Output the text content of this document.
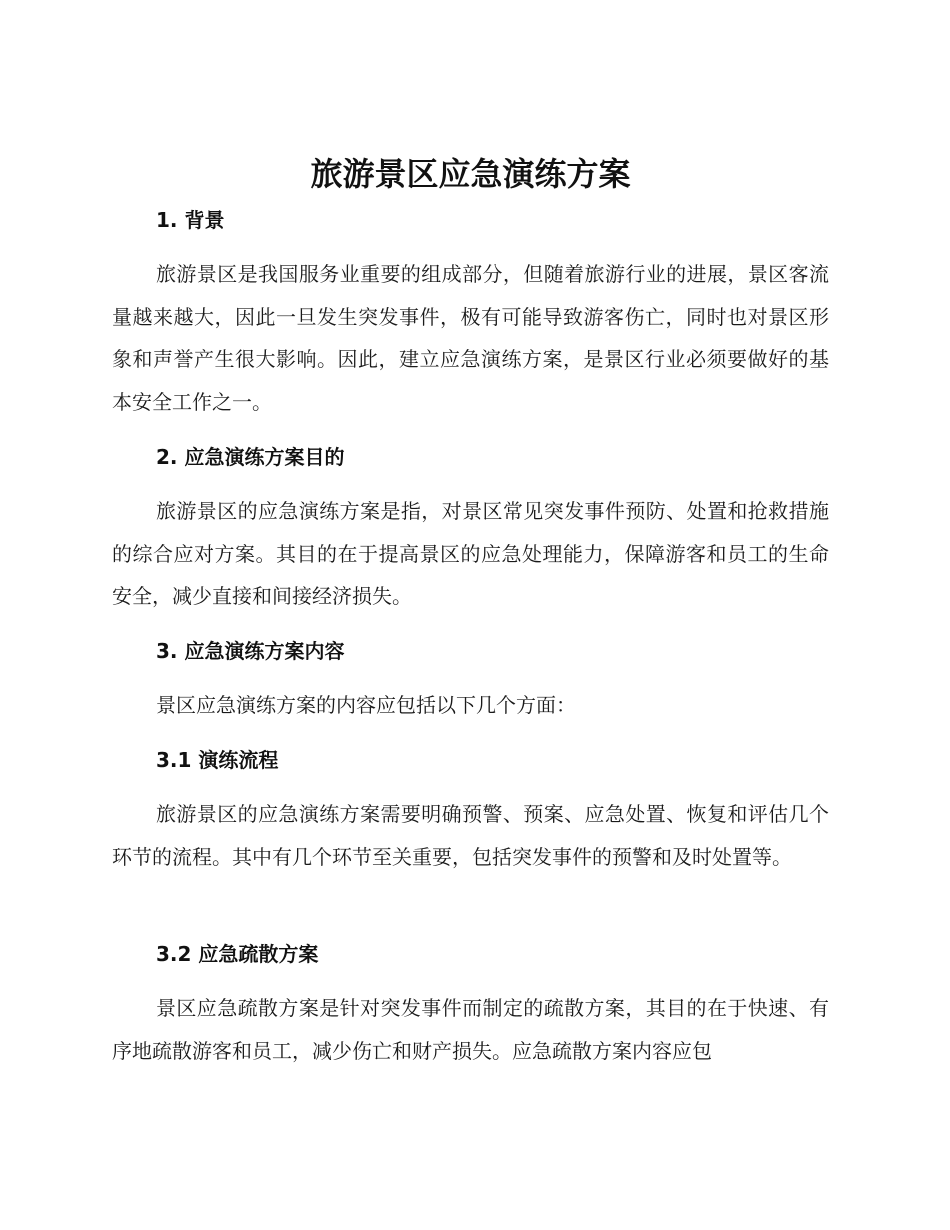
旅游景区应急演练方案
1. 背景

旅游景区是我国服务业重要的组成部分，但随着旅游行业的进展，景区客流量越来越大，因此一旦发生突发事件，极有可能导致游客伤亡，同时也对景区形象和声誉产生很大影响。因此，建立应急演练方案，是景区行业必须要做好的基本安全工作之一。

2. 应急演练方案目的

旅游景区的应急演练方案是指，对景区常见突发事件预防、处置和抢救措施的综合应对方案。其目的在于提高景区的应急处理能力，保障游客和员工的生命安全，减少直接和间接经济损失。

3. 应急演练方案内容

景区应急演练方案的内容应包括以下几个方面：

3.1 演练流程

旅游景区的应急演练方案需要明确预警、预案、应急处置、恢复和评估几个环节的流程。其中有几个环节至关重要，包括突发事件的预警和及时处置等。

3.2 应急疏散方案

景区应急疏散方案是针对突发事件而制定的疏散方案，其目的在于快速、有序地疏散游客和员工，减少伤亡和财产损失。应急疏散方案内容应包
